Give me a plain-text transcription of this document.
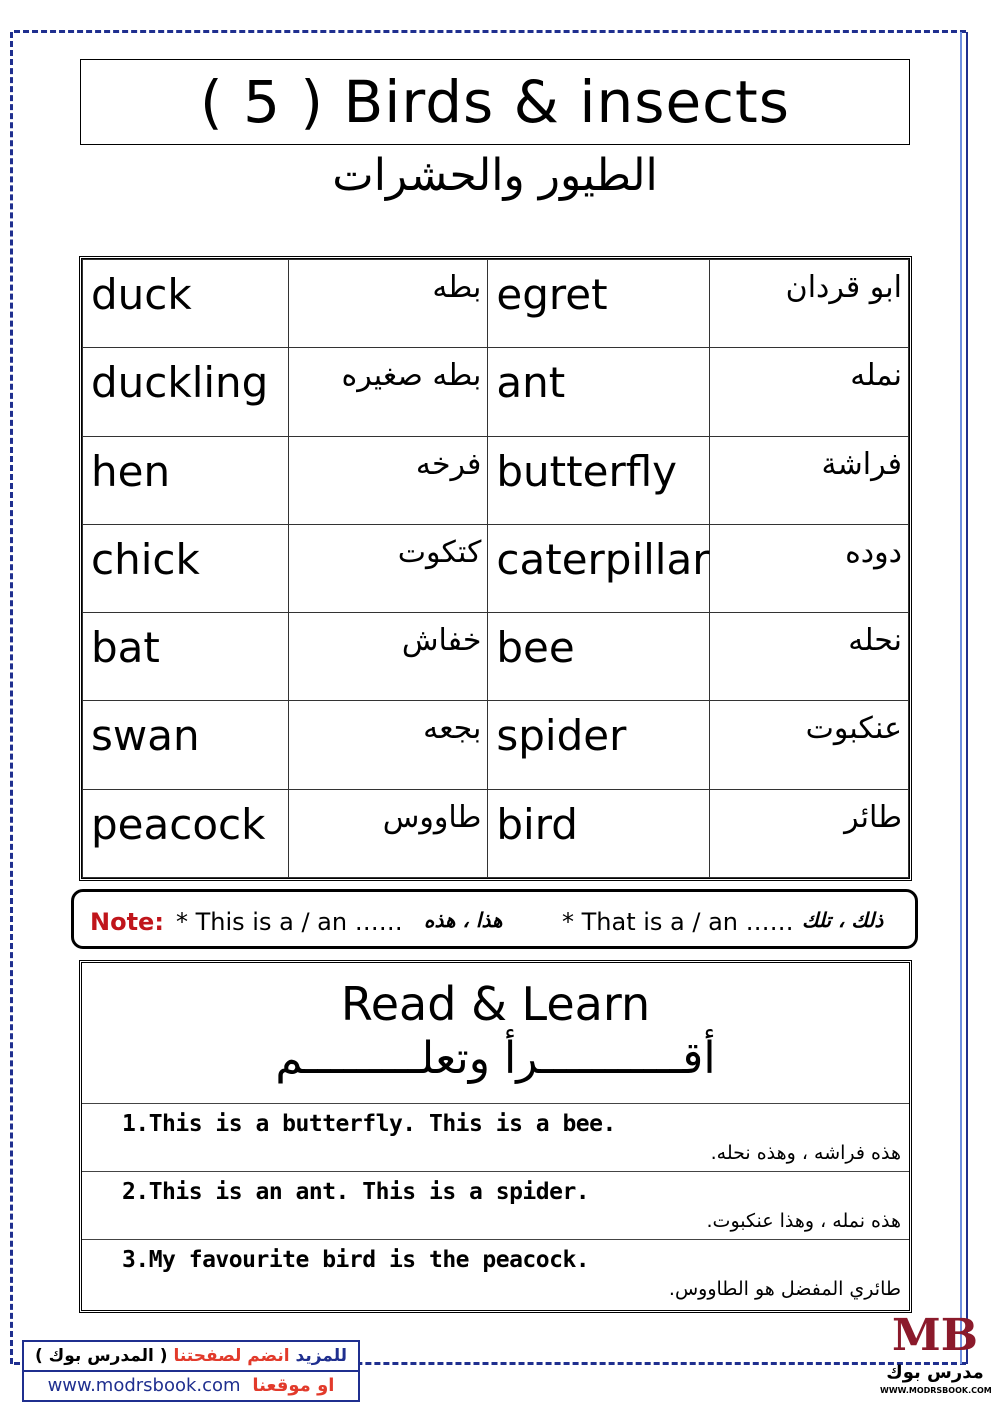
( 5 ) Birds & insects
الطيور والحشرات
duck	بطه	egret	ابو قردان
duckling	بطه صغيره	ant	نمله
hen	فرخه	butterfly	فراشة
chick	كتكوت	caterpillar	دوده
bat	خفاش	bee	نحله
swan	بجعه	spider	عنكبوت
peacock	طاووس	bird	طائر
Note: * This is a / an …… هذا ، هذه * That is a / an …… ذلك ، تلك
Read & Learn
أقـــــــــــرأ وتعلـــــــــم
1.This is a butterfly. This is a bee.
هذه فراشه ، وهذه نحله.
2.This is an ant. This is a spider.
هذه نمله ، وهذا عنكبوت.
3.My favourite bird is the peacock.
طائري المفضل هو الطاووس.
للمزيد انضم لصفحتنا ( المدرس بوك )
www.modrsbook.com او موقعنا
MB
مدرس بوك
WWW.MODRSBOOK.COM
